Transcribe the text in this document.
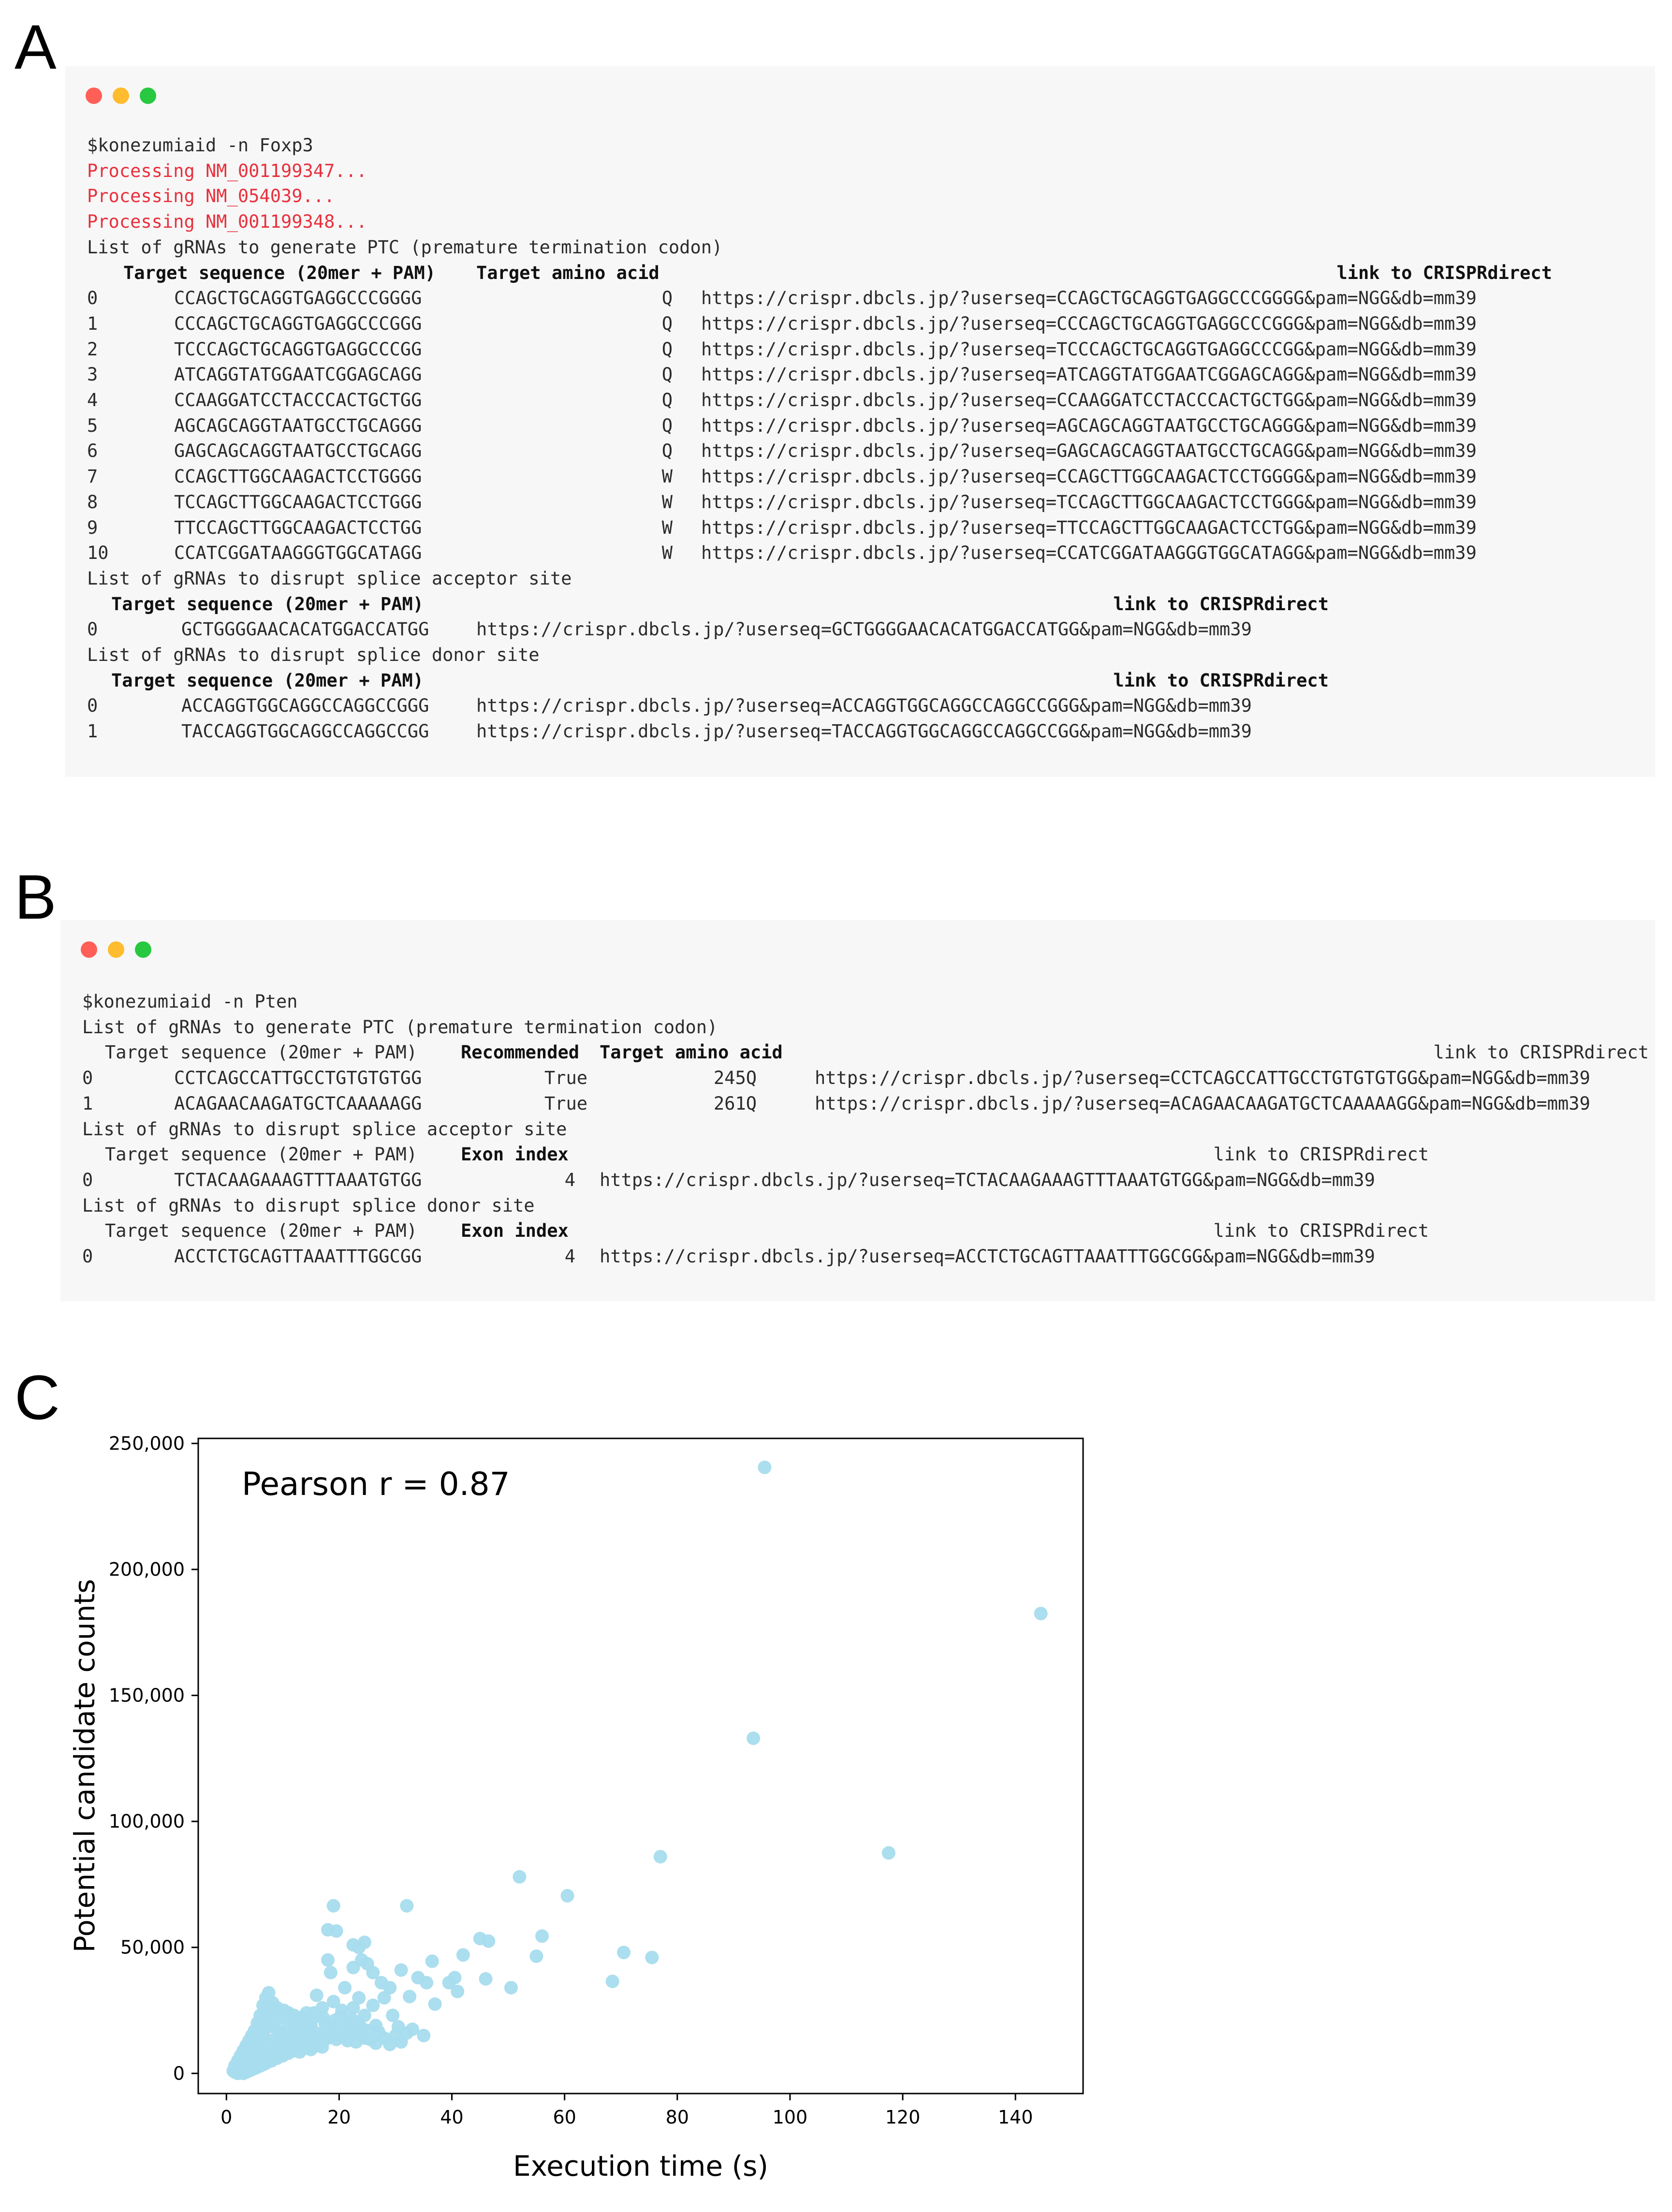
A
$konezumiaid -n Foxp3
Processing NM_001199347...
Processing NM_054039...
Processing NM_001199348...
List of gRNAs to generate PTC (premature termination codon)
Target sequence (20mer + PAM) Target amino acid	link to CRISPRdirect
0	CCAGCTGCAGGTGAGGCCCGGGG	Q https://crispr.dbcls.jp/?userseq=CCAGCTGCAGGTGAGGCCCGGGG&pam=NGG&db=mm39
1	CCCAGCTGCAGGTGAGGCCCGGG	Q https://crispr.dbcls.jp/?userseq=CCCAGCTGCAGGTGAGGCCCGGG&pam=NGG&db=mm39
2	TCCCAGCTGCAGGTGAGGCCCGG	Q https://crispr.dbcls.jp/?userseq=TCCCAGCTGCAGGTGAGGCCCGG&pam=NGG&db=mm39
3	ATCAGGTATGGAATCGGAGCAGG	Q https://crispr.dbcls.jp/?userseq=ATCAGGTATGGAATCGGAGCAGG&pam=NGG&db=mm39
4	CCAAGGATCCTACCCACTGCTGG	Q https://crispr.dbcls.jp/?userseq=CCAAGGATCCTACCCACTGCTGG&pam=NGG&db=mm39
5	AGCAGCAGGTAATGCCTGCAGGG	Q https://crispr.dbcls.jp/?userseq=AGCAGCAGGTAATGCCTGCAGGG&pam=NGG&db=mm39
6	GAGCAGCAGGTAATGCCTGCAGG	Q https://crispr.dbcls.jp/?userseq=GAGCAGCAGGTAATGCCTGCAGG&pam=NGG&db=mm39
7	CCAGCTTGGCAAGACTCCTGGGG	W https://crispr.dbcls.jp/?userseq=CCAGCTTGGCAAGACTCCTGGGG&pam=NGG&db=mm39
8	TCCAGCTTGGCAAGACTCCTGGG	W https://crispr.dbcls.jp/?userseq=TCCAGCTTGGCAAGACTCCTGGG&pam=NGG&db=mm39
9	TTCCAGCTTGGCAAGACTCCTGG	W https://crispr.dbcls.jp/?userseq=TTCCAGCTTGGCAAGACTCCTGG&pam=NGG&db=mm39
10	CCATCGGATAAGGGTGGCATAGG	W https://crispr.dbcls.jp/?userseq=CCATCGGATAAGGGTGGCATAGG&pam=NGG&db=mm39
List of gRNAs to disrupt splice acceptor site
Target sequence (20mer + PAM)	link to CRISPRdirect
0	GCTGGGGAACACATGGACCATGG	https://crispr.dbcls.jp/?userseq=GCTGGGGAACACATGGACCATGG&pam=NGG&db=mm39
List of gRNAs to disrupt splice donor site
Target sequence (20mer + PAM)	link to CRISPRdirect
0	ACCAGGTGGCAGGCCAGGCCGGG	https://crispr.dbcls.jp/?userseq=ACCAGGTGGCAGGCCAGGCCGGG&pam=NGG&db=mm39
1	TACCAGGTGGCAGGCCAGGCCGG	https://crispr.dbcls.jp/?userseq=TACCAGGTGGCAGGCCAGGCCGG&pam=NGG&db=mm39
B
$konezumiaid -n Pten
List of gRNAs to generate PTC (premature termination codon)
Target sequence (20mer + PAM) Recommended Target amino acid	link to CRISPRdirect
0	CCTCAGCCATTGCCTGTGTGTGG	True	245Q	https://crispr.dbcls.jp/?userseq=CCTCAGCCATTGCCTGTGTGTGG&pam=NGG&db=mm39
1	ACAGAACAAGATGCTCAAAAAGG	True	261Q	https://crispr.dbcls.jp/?userseq=ACAGAACAAGATGCTCAAAAAGG&pam=NGG&db=mm39
List of gRNAs to disrupt splice acceptor site
Target sequence (20mer + PAM) Exon index	link to CRISPRdirect
0	TCTACAAGAAAGTTTAAATGTGG	4 https://crispr.dbcls.jp/?userseq=TCTACAAGAAAGTTTAAATGTGG&pam=NGG&db=mm39
List of gRNAs to disrupt splice donor site
Target sequence (20mer + PAM) Exon index	link to CRISPRdirect
0	ACCTCTGCAGTTAAATTTGGCGG	4 https://crispr.dbcls.jp/?userseq=ACCTCTGCAGTTAAATTTGGCGG&pam=NGG&db=mm39
C
0	20	40	60	80	100	120	140
0
50,000
100,000
150,000
200,000
250,000
Pearson r = 0.87
Execution time (s)
Potential candidate counts
